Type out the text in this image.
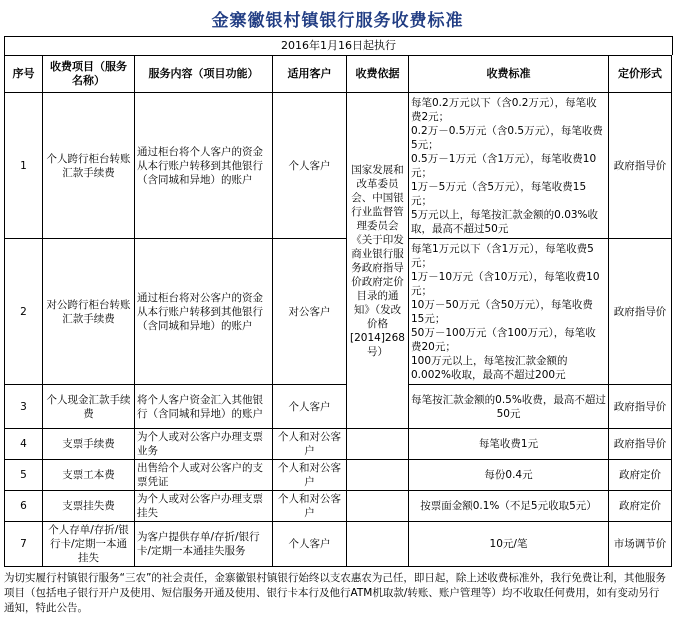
金寨徽银村镇银行服务收费标准
2016年1月16日起执行
序号	收费项目（服务名称）	服务内容（项目功能）	适用客户	收费依据	收费标准	定价形式
1	个人跨行柜台转账汇款手续费	通过柜台将个人客户的资金从本行账户转移到其他银行（含同城和异地）的账户	个人客户	国家发展和改革委员会、中国银行业监督管理委员会《关于印发商业银行服务政府指导价政府定价目录的通知》（发改价格[2014]268号）	每笔0.2万元以下（含0.2万元），每笔收费2元；
0.2万－0.5万元（含0.5万元），每笔收费5元；
0.5万－1万元（含1万元），每笔收费10元；
1万－5万元（含5万元），每笔收费15元；
5万元以上，每笔按汇款金额的0.03%收取，最高不超过50元	政府指导价
2	对公跨行柜台转账汇款手续费	通过柜台将对公客户的资金从本行账户转移到其他银行（含同城和异地）的账户	对公客户		每笔1万元以下（含1万元），每笔收费5元；
1万－10万元（含10万元），每笔收费10元；
10万－50万元（含50万元），每笔收费15元；
50万－100万元（含100万元），每笔收费20元；
100万元以上，每笔按汇款金额的0.002%收取，最高不超过200元	政府指导价
3	个人现金汇款手续费	将个人客户资金汇入其他银行（含同城和异地）的账户	个人客户		每笔按汇款金额的0.5%收费，最高不超过50元	政府指导价
4	支票手续费	为个人或对公客户办理支票业务	个人和对公客户		每笔收费1元	政府指导价
5	支票工本费	出售给个人或对公客户的支票凭证	个人和对公客户		每份0.4元	政府定价
6	支票挂失费	为个人或对公客户办理支票挂失	个人和对公客户		按票面金额0.1%（不足5元收取5元）	政府定价
7	个人存单/存折/银行卡/定期一本通挂失	为客户提供存单/存折/银行卡/定期一本通挂失服务	个人客户		10元/笔	市场调节价
为切实履行村镇银行服务“三农”的社会责任，金寨徽银村镇银行始终以支农惠农为己任，即日起，除上述收费标准外，我行免费让利，其他服务项目（包括电子银行开户及使用、短信服务开通及使用、银行卡本行及他行ATM机取款/转账、账户管理等）均不收取任何费用，如有变动另行通知，特此公告。
